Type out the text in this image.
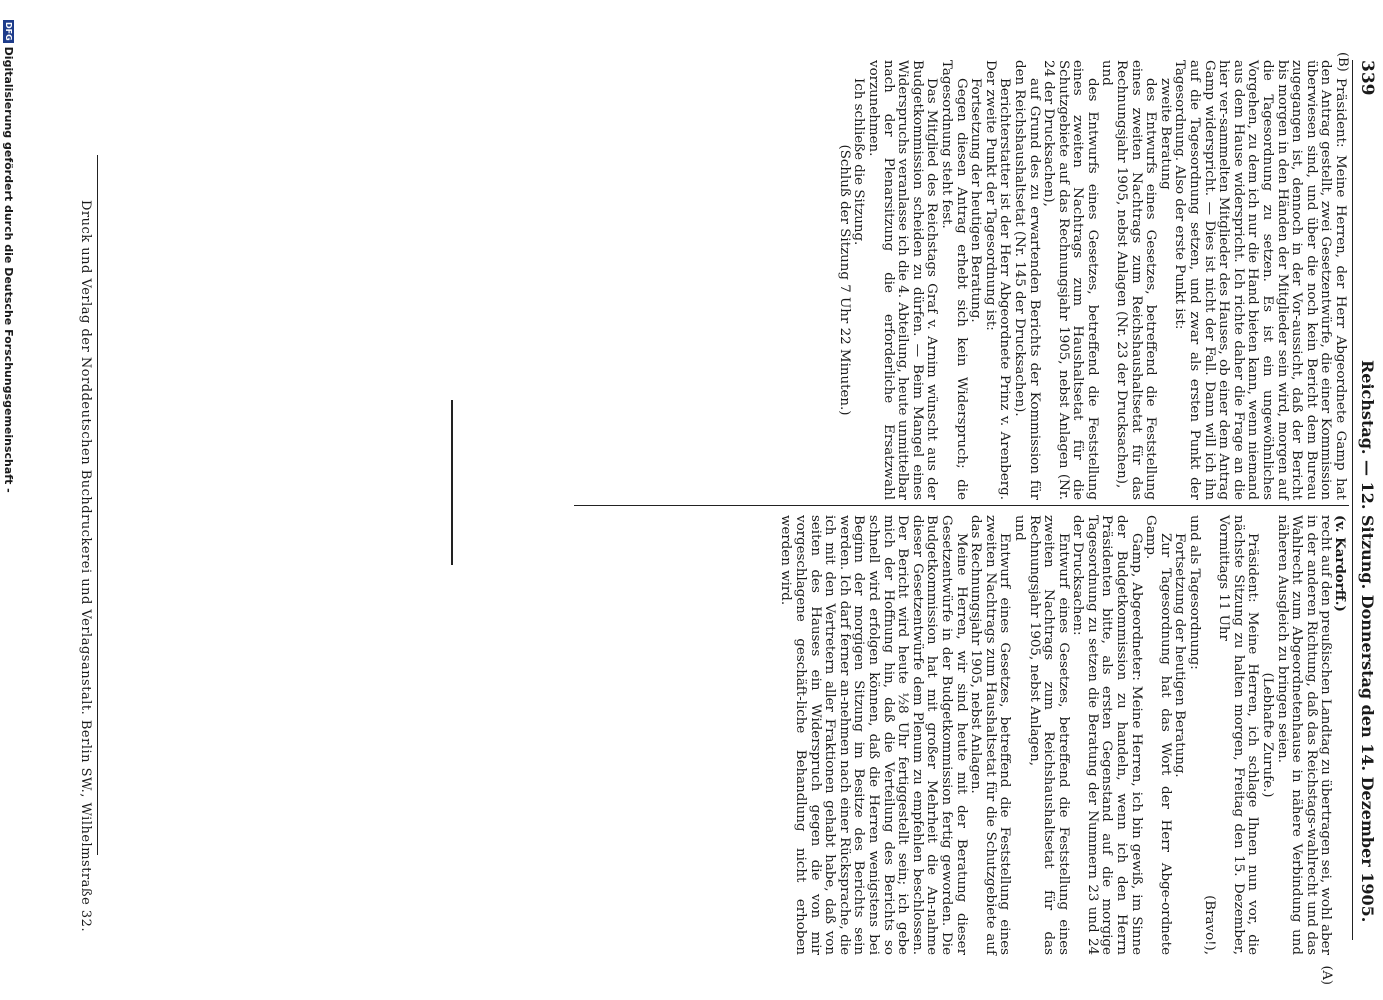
339
Reichstag. — 12. Sitzung. Donnerstag den 14. Dezember 1905.
(B)

Präsident: Meine Herren, der Herr Abgeordnete Gamp hat den Antrag gestellt, zwei Gesetzentwürfe, die einer Kommission überwiesen sind, und über die noch kein Bericht dem Bureau zugegangen ist, dennoch in der Vor-aussicht, daß der Bericht bis morgen in den Händen der Mitglieder sein wird, morgen auf die Tagesordnung zu setzen. Es ist ein ungewöhnliches Vorgehen, zu dem ich nur die Hand bieten kann, wenn niemand aus dem Hause widerspricht. Ich richte daher die Frage an die hier ver-sammelten Mitglieder des Hauses, ob einer dem Antrag Gamp widerspricht. — Dies ist nicht der Fall. Dann will ich ihn auf die Tagesordnung setzen, und zwar als ersten Punkt der Tagesordnung. Also der erste Punkt ist:

zweite Beratung

des Entwurfs eines Gesetzes, betreffend die Feststellung eines zweiten Nachtrags zum Reichshaushaltsetat für das Rechnungsjahr 1905, nebst Anlagen (Nr. 23 der Drucksachen),

und

des Entwurfs eines Gesetzes, betreffend die Feststellung eines zweiten Nachtrags zum Haushaltsetat für die Schutzgebiete auf das Rechnungsjahr 1905, nebst Anlagen (Nr. 24 der Drucksachen),

auf Grund des zu erwartenden Berichts der Kommission für den Reichshaushaltsetat (Nr. 145 der Drucksachen).

Berichterstatter ist der Herr Abgeordnete Prinz v. Arenberg. Der zweite Punkt der Tagesordnung ist:

Fortsetzung der heutigen Beratung.

Gegen diesen Antrag erhebt sich kein Widerspruch; die Tagesordnung steht fest.

Das Mitglied des Reichstags Graf v. Arnim wünscht aus der Budgetkommission scheiden zu dürfen. — Beim Mangel eines Widerspruchs veranlasse ich die 4. Abteilung, heute unmittelbar nach der Plenarsitzung die erforderliche Ersatzwahl vorzunehmen.

Ich schließe die Sitzung.

(Schluß der Sitzung 7 Uhr 22 Minuten.)

(A)

(v. Kardorff.)

recht auf den preußischen Landtag zu übertragen sei, wohl aber in der anderen Richtung, daß das Reichstags-wahlrecht und das Wahlrecht zum Abgeordnetenhause in nähere Verbindung und näheren Ausgleich zu bringen seien.

(Lebhafte Zurufe.)

Präsident: Meine Herren, ich schlage Ihnen nun vor, die nächste Sitzung zu halten morgen, Freitag den 15. Dezember, Vormittags 11 Uhr

(Bravo!),

und als Tagesordnung:

Fortsetzung der heutigen Beratung.

Zur Tagesordnung hat das Wort der Herr Abge-ordnete Gamp.

Gamp, Abgeordneter: Meine Herren, ich bin gewiß, im Sinne der Budgetkommission zu handeln, wenn ich den Herrn Präsidenten bitte, als ersten Gegenstand auf die morgige Tagesordnung zu setzen die Beratung der Nummern 23 und 24 der Drucksachen:

Entwurf eines Gesetzes, betreffend die Feststellung eines zweiten Nachtrags zum Reichshaushaltsetat für das Rechnungsjahr 1905, nebst Anlagen,

und

Entwurf eines Gesetzes, betreffend die Feststellung eines zweiten Nachtrags zum Haushaltsetat für die Schutzgebiete auf das Rechnungsjahr 1905, nebst Anlagen.

Meine Herren, wir sind heute mit der Beratung dieser Gesetzentwürfe in der Budgetkommission fertig geworden. Die Budgetkommission hat mit großer Mehrheit die An-nahme dieser Gesetzentwürfe dem Plenum zu empfehlen beschlossen. Der Bericht wird heute ½8 Uhr fertiggestellt sein; ich gebe mich der Hoffnung hin, daß die Verteilung des Berichts so schnell wird erfolgen können, daß die Herren wenigstens bei Beginn der morgigen Sitzung im Besitze des Berichts sein werden. Ich darf ferner an-nehmen nach einer Rücksprache, die ich mit den Vertretern aller Fraktionen gehabt habe, daß von seiten des Hauses ein Widerspruch gegen die von mir vorgeschlagene geschäft-liche Behandlung nicht erhoben werden wird.

Druck und Verlag der Norddeutschen Buchdruckerei und Verlagsanstalt. Berlin SW., Wilhelmstraße 32.
DFG
Digitalisierung gefördert durch die Deutsche Forschungsgemeinschaft -
